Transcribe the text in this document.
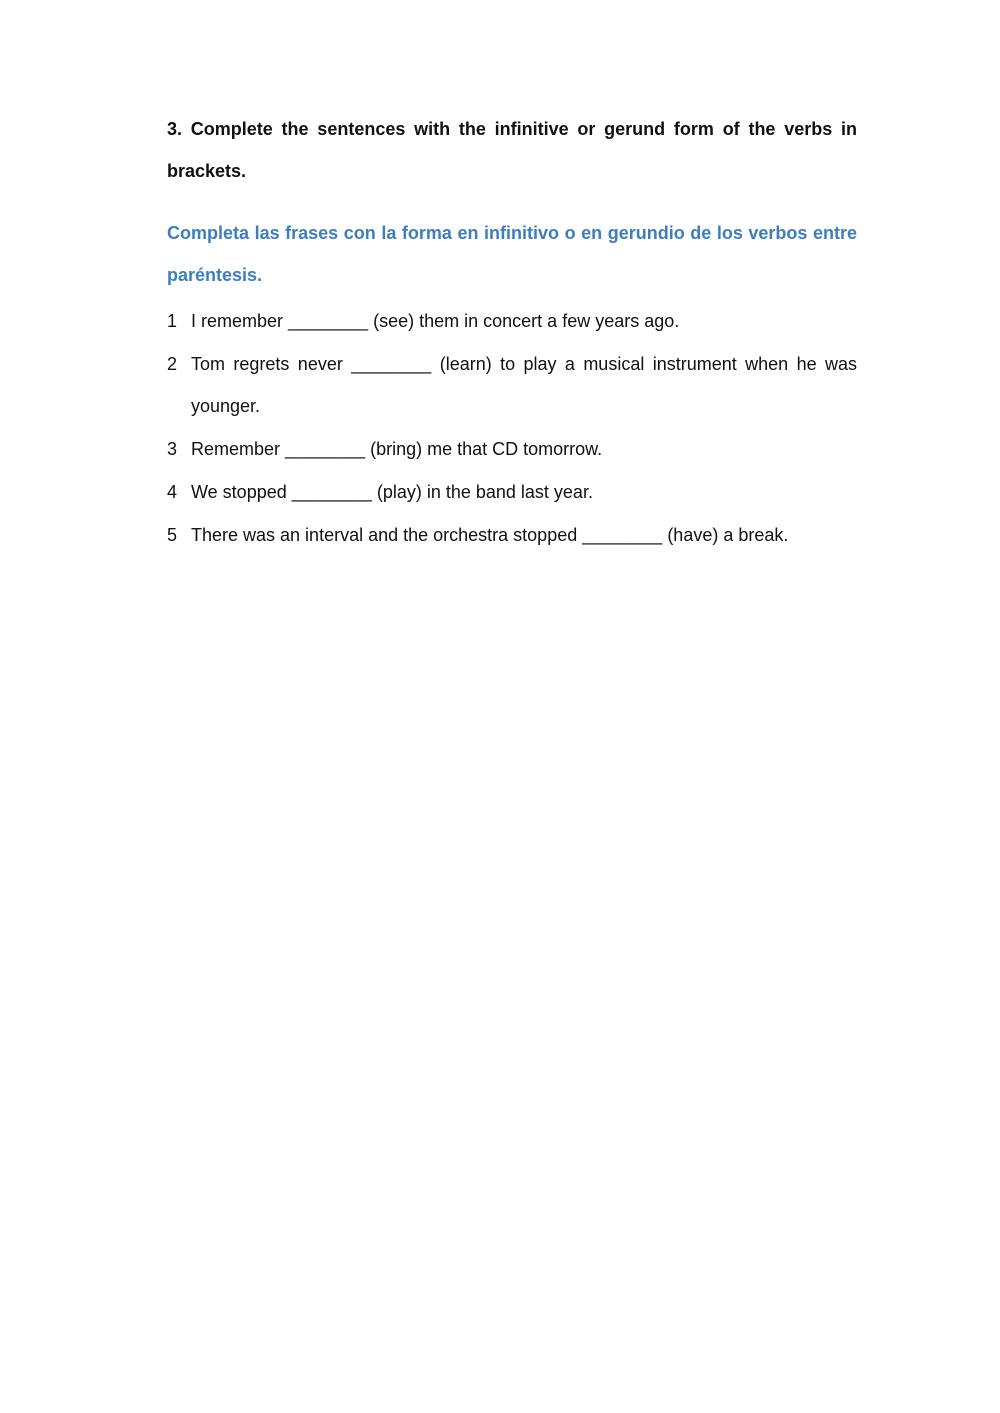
3. Complete the sentences with the infinitive or gerund form of the verbs in brackets.

Completa las frases con la forma en infinitivo o en gerundio de los verbos entre paréntesis.

1 I remember ________ (see) them in concert a few years ago.
2 Tom regrets never ________ (learn) to play a musical instrument when he was younger.
3 Remember ________ (bring) me that CD tomorrow.
4 We stopped ________ (play) in the band last year.
5 There was an interval and the orchestra stopped ________ (have) a break.
